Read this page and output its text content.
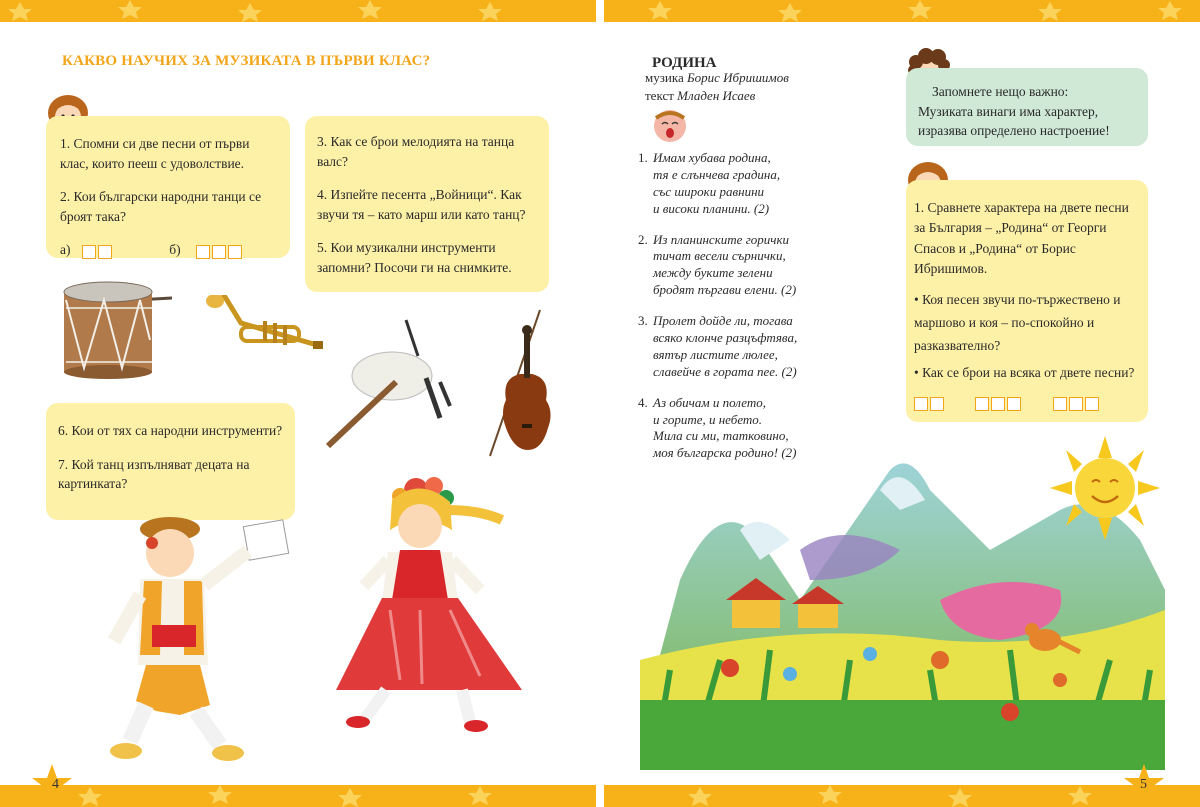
КАКВО НАУЧИХ ЗА МУЗИКАТА В ПЪРВИ КЛАС?

1. Спомни си две песни от първи клас, които пееш с удоволствие.

2. Кои български народни танци се броят така?

а)	б)

3. Как се брои мелодията на танца валс?

4. Изпейте песента „Войници“. Как звучи тя – като марш или като танц?

5. Кои музикални инструменти запомни? Посочи ги на снимките.

6. Кои от тях са народни инструменти?

7. Кой танц изпълняват децата на картинката?

4
РОДИНА
музика Борис Ибришимов
текст Младен Исаев
1. Имам хубава родина,
тя е слънчева градина,
със широки равнини
и високи планини. (2)
2. Из планинските горички
тичат весели сърнички,
между буките зелени
бродят пъргави елени. (2)
3. Пролет дойде ли, тогава
всяко клонче разцъфтява,
вятър листите люлее,
славейче в гората пее. (2)
4. Аз обичам и полето,
и горите, и небето.
Мила си ми, татковино,
моя българска родино! (2)
Запомнете нещо важно:
Музиката винаги има характер, изразява определено настроение!

1. Сравнете характера на двете песни за България – „Родина“ от Георги Спасов и „Родина“ от Борис Ибришимов.

• Коя песен звучи по-тържествено и маршово и коя – по-спокойно и разказвателно?

• Как се брои на всяка от двете песни?

5
